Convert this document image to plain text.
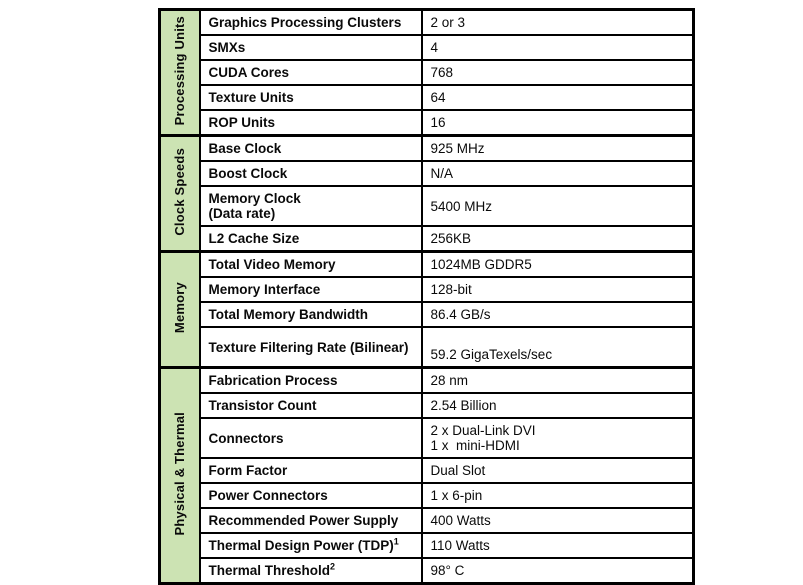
Processing Units	Graphics Processing Clusters	2 or 3

	SMXs	4

	CUDA Cores	768

	Texture Units	64

	ROP Units	16

Clock Speeds	Base Clock	925 MHz

	Boost Clock	N/A

	Memory Clock
(Data rate)	5400 MHz

	L2 Cache Size	256KB

Memory	Total Video Memory	1024MB GDDR5

	Memory Interface	128-bit

	Total Memory Bandwidth	86.4 GB/s

	Texture Filtering Rate (Bilinear)	59.2 GigaTexels/sec

Physical & Thermal	Fabrication Process	28 nm

	Transistor Count	2.54 Billion

	Connectors	2 x Dual-Link DVI
1 x  mini-HDMI

	Form Factor	Dual Slot

	Power Connectors	1 x 6-pin

	Recommended Power Supply	400 Watts

	Thermal Design Power (TDP)$^1$	110 Watts

	Thermal Threshold$^2$	98° C
